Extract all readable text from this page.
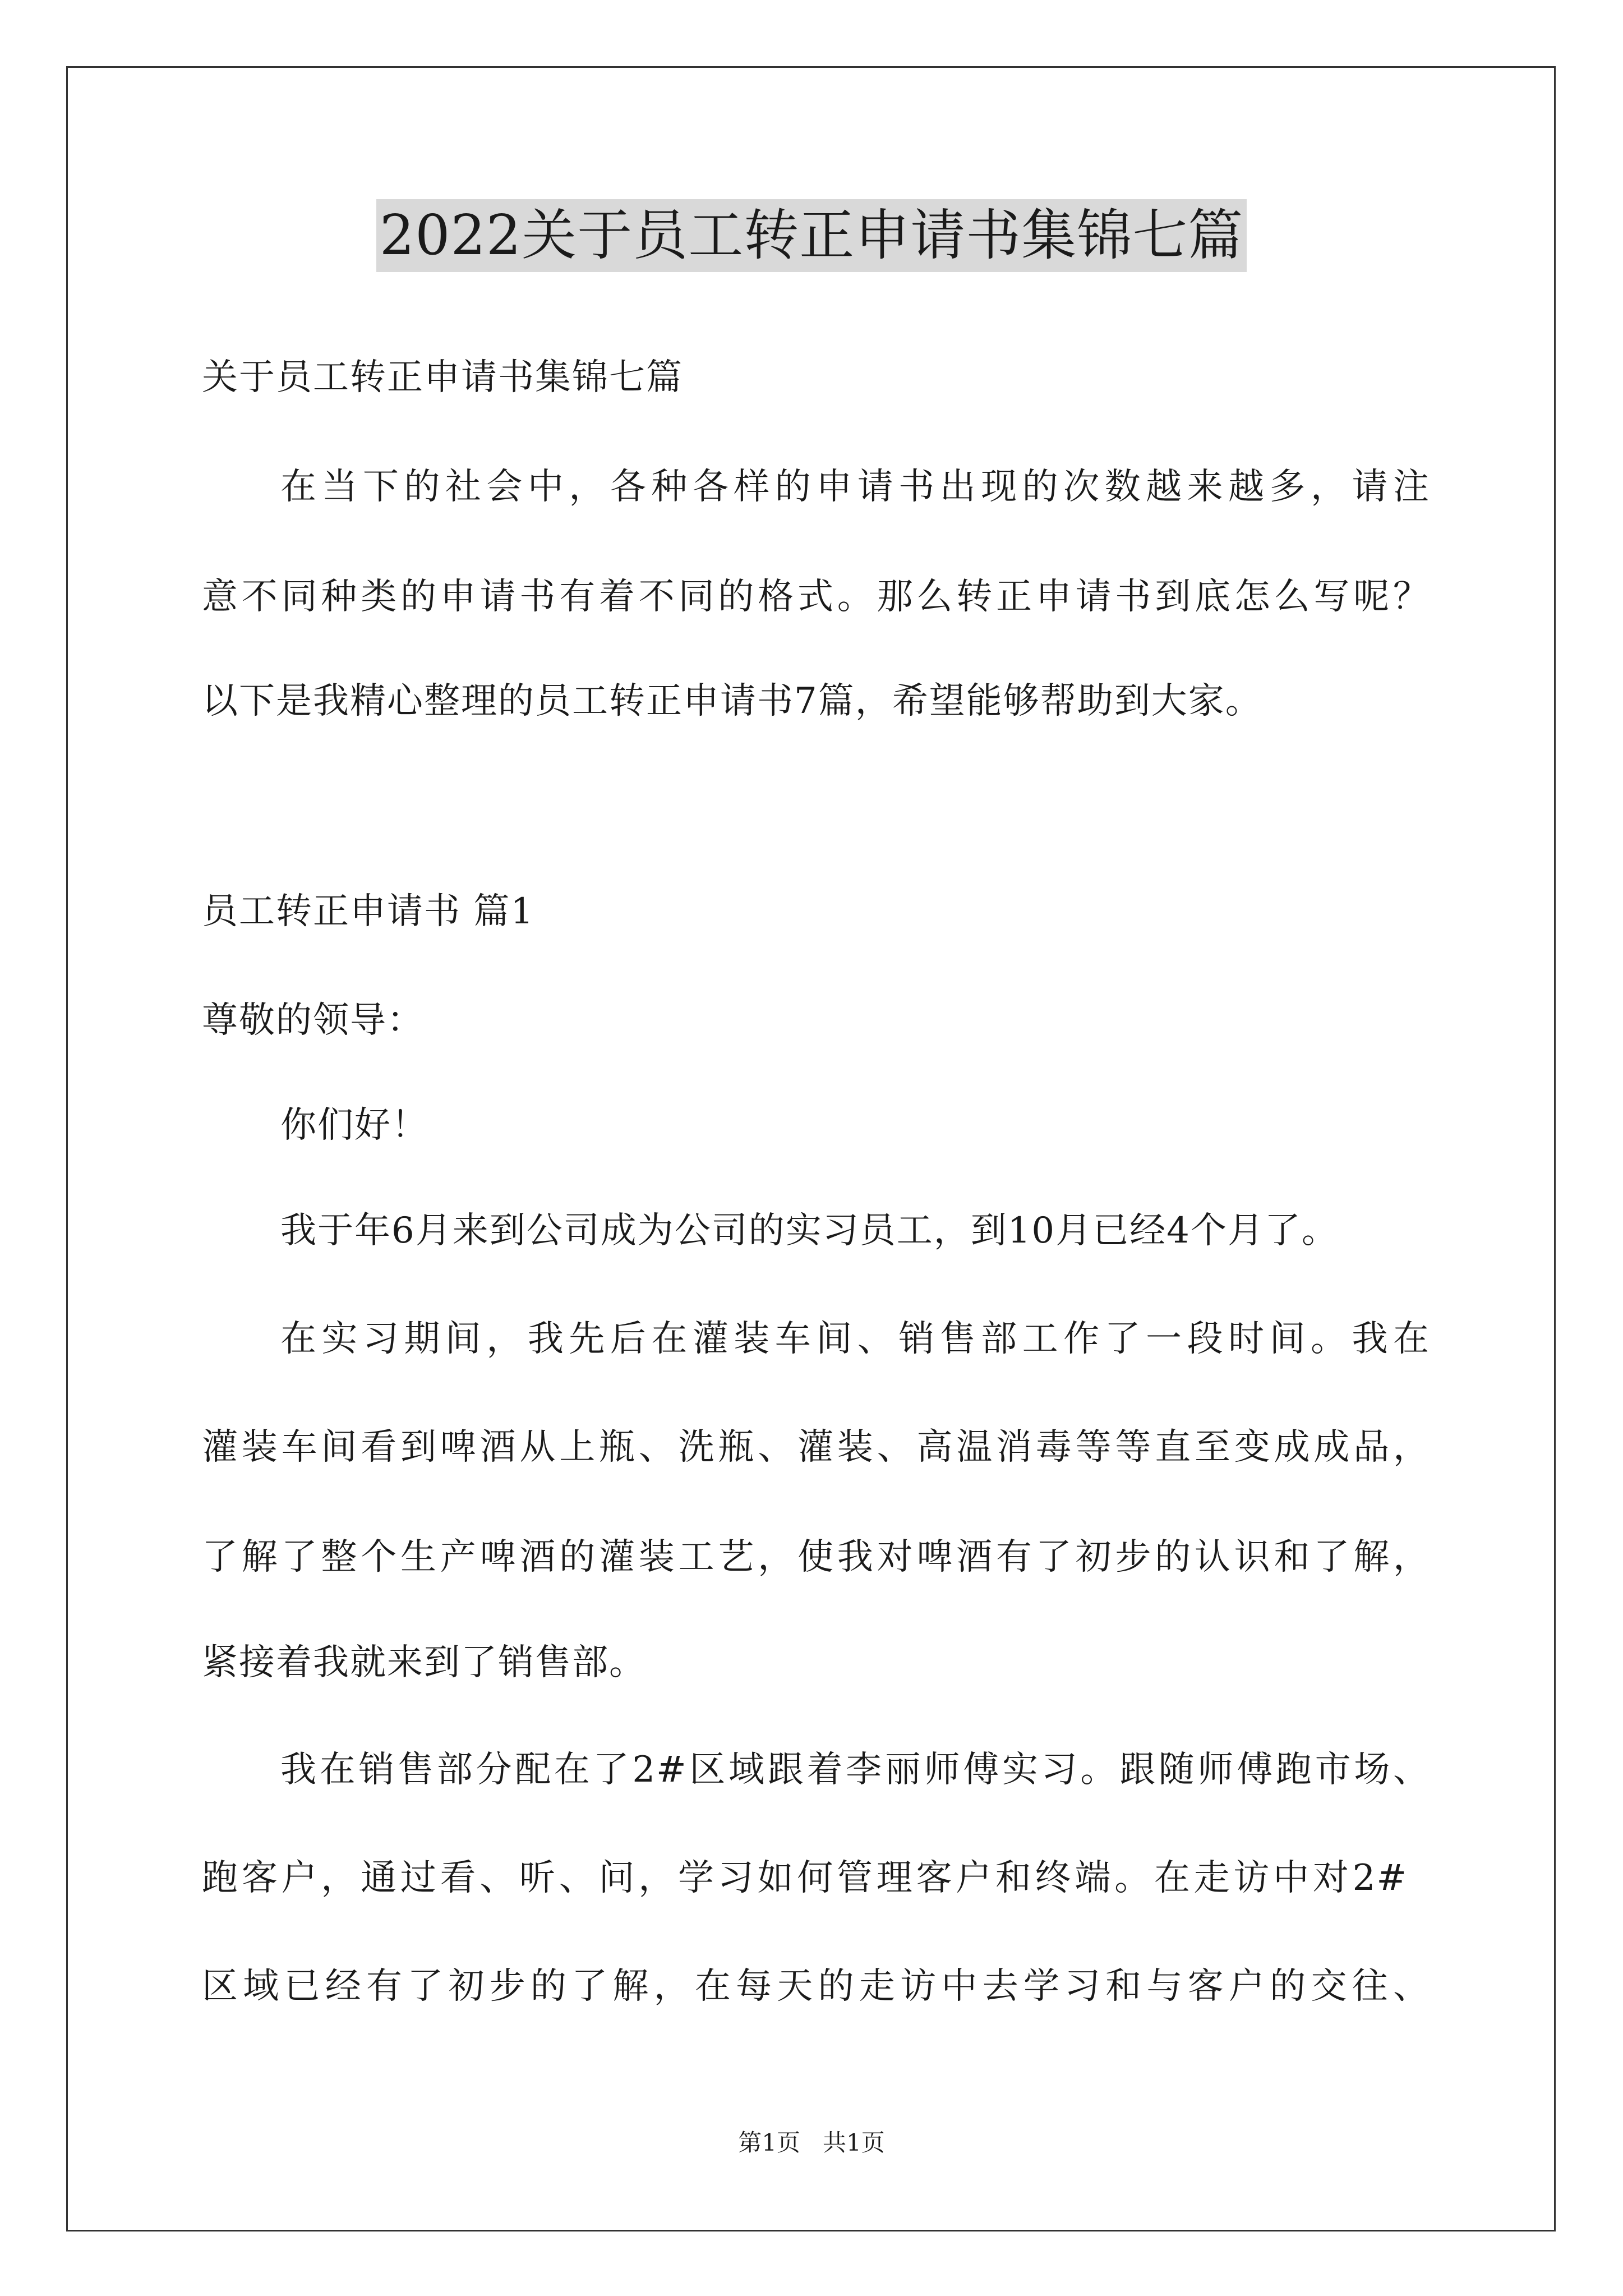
2022关于员工转正申请书集锦七篇
关于员工转正申请书集锦七篇
在当下的社会中，各种各样的申请书出现的次数越来越多，请注
意不同种类的申请书有着不同的格式。那么转正申请书到底怎么写呢？
以下是我精心整理的员工转正申请书7篇，希望能够帮助到大家。
员工转正申请书 篇1
尊敬的领导：
你们好！
我于年6月来到公司成为公司的实习员工，到10月已经4个月了。
在实习期间，我先后在灌装车间、销售部工作了一段时间。我在
灌装车间看到啤酒从上瓶、洗瓶、灌装、高温消毒等等直至变成成品，
了解了整个生产啤酒的灌装工艺，使我对啤酒有了初步的认识和了解，
紧接着我就来到了销售部。
我在销售部分配在了2#区域跟着李丽师傅实习。跟随师傅跑市场、
跑客户，通过看、听、问，学习如何管理客户和终端。在走访中对2#
区域已经有了初步的了解，在每天的走访中去学习和与客户的交往、
第1页   共1页
